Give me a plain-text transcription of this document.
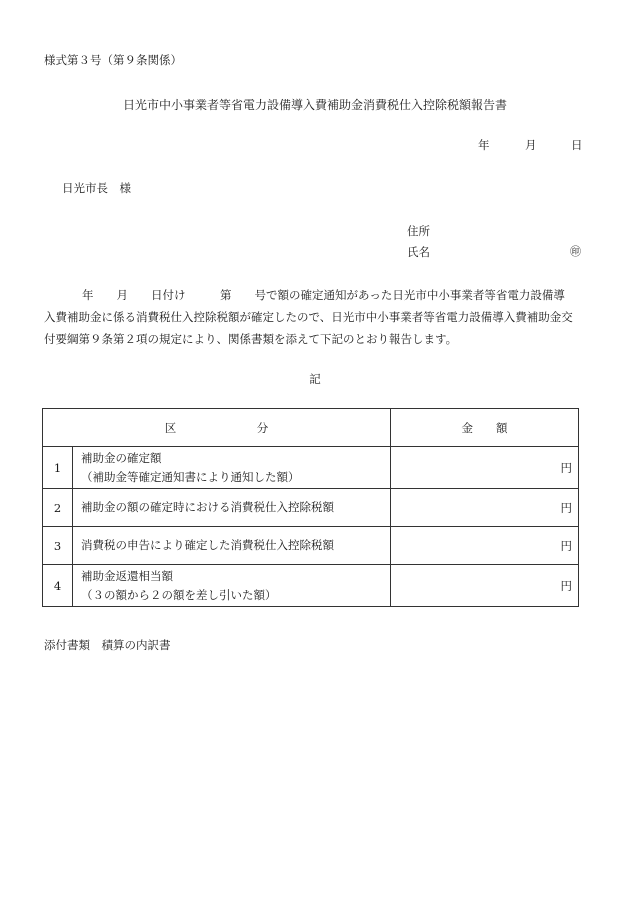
様式第３号（第９条関係）
日光市中小事業者等省電力設備導入費補助金消費税仕入控除税額報告書
年	月	日
日光市長　様
住所
氏名	㊞
年　　月　　日付け　　　第　　号で額の確定通知があった日光市中小事業者等省電力設備導
入費補助金に係る消費税仕入控除税額が確定したので、日光市中小事業者等省電力設備導入費補助金交
付要綱第９条第２項の規定により、関係書類を添えて下記のとおり報告します。
記
区　　　　　　　分		金　　額
1	補助金の確定額
（補助金等確定通知書により通知した額）	円
2	補助金の額の確定時における消費税仕入控除税額	円
3	消費税の申告により確定した消費税仕入控除税額	円
4	補助金返還相当額
（３の額から２の額を差し引いた額）	円
添付書類　積算の内訳書
